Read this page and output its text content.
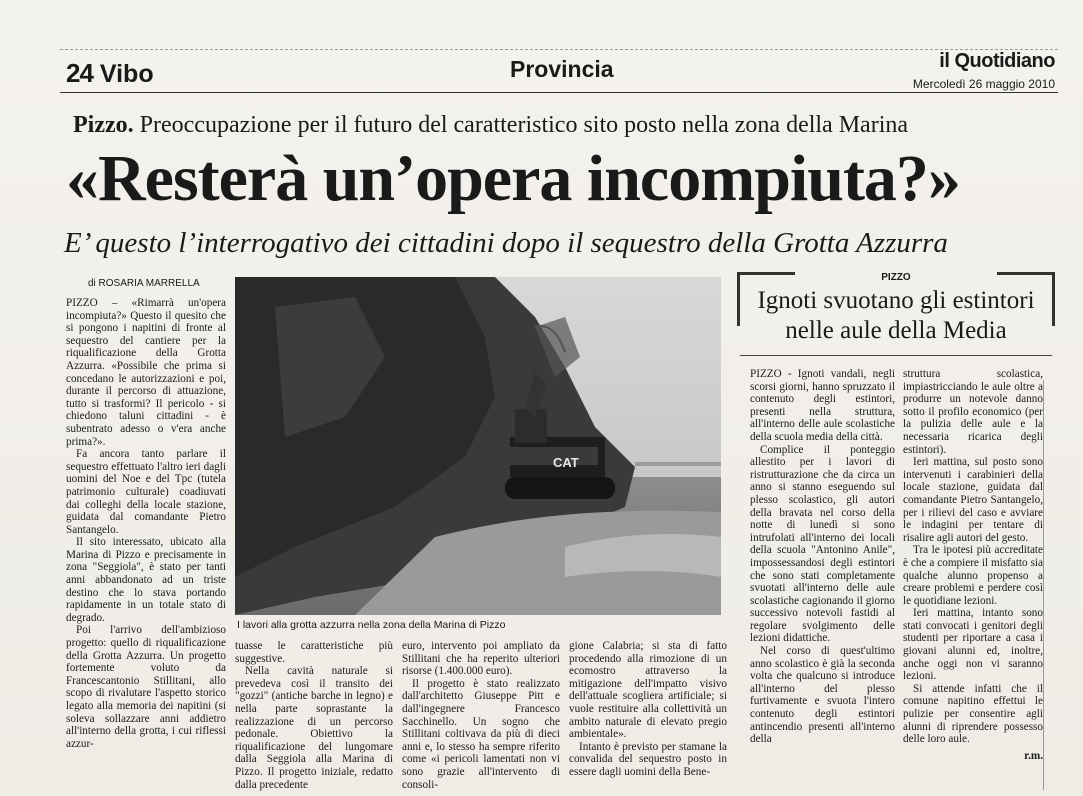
24 Vibo	Provincia	il Quotidiano
Mercoledì 26 maggio 2010
Pizzo. Preoccupazione per il futuro del caratteristico sito posto nella zona della Marina
«Resterà un’opera incompiuta?»
E’ questo l’interrogativo dei cittadini dopo il sequestro della Grotta Azzurra
di ROSARIA MARRELLA

PIZZO – «Rimarrà un'opera incompiuta?» Questo il quesito che si pongono i napitini di fronte al sequestro del cantiere per la riqualificazione della Grotta Azzurra. «Possibile che prima si concedano le autorizzazioni e poi, durante il percorso di attuazione, tutto si trasformi? Il pericolo - si chiedono taluni cittadini - è subentrato adesso o v'era anche prima?».

Fa ancora tanto parlare il sequestro effettuato l'altro ieri dagli uomini del Noe e del Tpc (tutela patrimonio culturale) coadiuvati dai colleghi della locale stazione, guidata dal comandante Pietro Santangelo.

Il sito interessato, ubicato alla Marina di Pizzo e precisamente in zona "Seggiola", è stato per tanti anni abbandonato ad un triste destino che lo stava portando rapidamente in un totale stato di degrado.

Poi l'arrivo dell'ambizioso progetto: quello di riqualificazione della Grotta Azzurra. Un progetto fortemente voluto da Francescantonio Stillitani, allo scopo di rivalutare l'aspetto storico legato alla memoria dei napitini (si soleva sollazzare anni addietro all'interno della grotta, i cui riflessi azzur-

CAT
I lavori alla grotta azzurra nella zona della Marina di Pizzo

tuasse le caratteristiche più suggestive.

Nella cavità naturale si prevedeva così il transito dei "gozzi" (antiche barche in legno) e nella parte soprastante la realizzazione di un percorso pedonale. Obiettivo la riqualificazione del lungomare dalla Seggiola alla Marina di Pizzo. Il progetto iniziale, redatto dalla precedente

euro, intervento poi ampliato da Stillitani che ha reperito ulteriori risorse (1.400.000 euro).

Il progetto è stato realizzato dall'architetto Giuseppe Pitt e dall'ingegnere Francesco Sacchinello. Un sogno che Stillitani coltivava da più di dieci anni e, lo stesso ha sempre riferito come «i pericoli lamentati non vi sono grazie all'intervento di consoli-

gione Calabria; si sta di fatto procedendo alla rimozione di un ecomostro attraverso la mitigazione dell'impatto visivo dell'attuale scogliera artificiale; si vuole restituire alla collettività un ambito naturale di elevato pregio ambientale».

Intanto è previsto per stamane la convalida del sequestro posto in essere dagli uomini della Bene-

PIZZO
Ignoti svuotano gli estintori
nelle aule della Media

PIZZO - Ignoti vandali, negli scorsi giorni, hanno spruzzato il contenuto degli estintori, presenti nella struttura, all'interno delle aule scolastiche della scuola media della città.

Complice il ponteggio allestito per i lavori di ristrutturazione che da circa un anno si stanno eseguendo sul plesso scolastico, gli autori della bravata nel corso della notte di lunedì si sono intrufolati all'interno dei locali della scuola "Antonino Anile", impossessandosi degli estintori che sono stati completamente svuotati all'interno delle aule scolastiche cagionando il giorno successivo notevoli fastidi al regolare svolgimento delle lezioni didattiche.

Nel corso di quest'ultimo anno scolastico è già la seconda volta che qualcuno si introduce all'interno del plesso furtivamente e svuota l'intero contenuto degli estintori antincendio presenti all'interno della

struttura scolastica, impiastricciando le aule oltre a produrre un notevole danno sotto il profilo economico (per la pulizia delle aule e la necessaria ricarica degli estintori).

Ieri mattina, sul posto sono intervenuti i carabinieri della locale stazione, guidata dal comandante Pietro Santangelo, per i rilievi del caso e avviare le indagini per tentare di risalire agli autori del gesto.

Tra le ipotesi più accreditate è che a compiere il misfatto sia qualche alunno propenso a creare problemi e perdere così le quotidiane lezioni.

Ieri mattina, intanto sono stati convocati i genitori degli studenti per riportare a casa i giovani alunni ed, inoltre, anche oggi non vi saranno lezioni.

Si attende infatti che il comune napitino effettui le pulizie per consentire agli alunni di riprendere possesso delle loro aule.

r.m.
